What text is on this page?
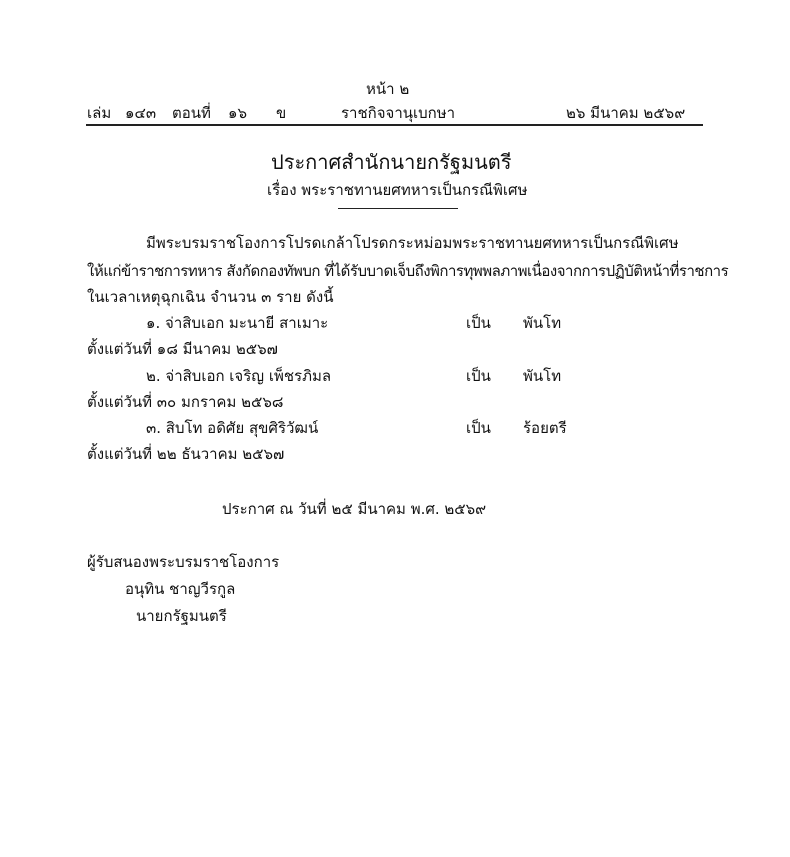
หน้า ๒
เล่ม ๑๔๓ ตอนที่ ๑๖ ข	ราชกิจจานุเบกษา	๒๖ มีนาคม ๒๕๖๙
ประกาศสำนักนายกรัฐมนตรี
เรื่อง พระราชทานยศทหารเป็นกรณีพิเศษ
มีพระบรมราชโองการโปรดเกล้าโปรดกระหม่อมพระราชทานยศทหารเป็นกรณีพิเศษ
ให้แก่ข้าราชการทหาร สังกัดกองทัพบก ที่ได้รับบาดเจ็บถึงพิการทุพพลภาพเนื่องจากการปฏิบัติหน้าที่ราชการ
ในเวลาเหตุฉุกเฉิน จำนวน ๓ ราย ดังนี้
๑. จ่าสิบเอก มะนายี สาเมาะ	เป็น พันโท
ตั้งแต่วันที่ ๑๘ มีนาคม ๒๕๖๗
๒. จ่าสิบเอก เจริญ เพ็ชรภิมล	เป็น พันโท
ตั้งแต่วันที่ ๓๐ มกราคม ๒๕๖๘
๓. สิบโท อดิศัย สุขศิริวัฒน์	เป็น ร้อยตรี
ตั้งแต่วันที่ ๒๒ ธันวาคม ๒๕๖๗
ประกาศ ณ วันที่ ๒๕ มีนาคม พ.ศ. ๒๕๖๙
ผู้รับสนองพระบรมราชโองการ
อนุทิน ชาญวีรกูล
นายกรัฐมนตรี
